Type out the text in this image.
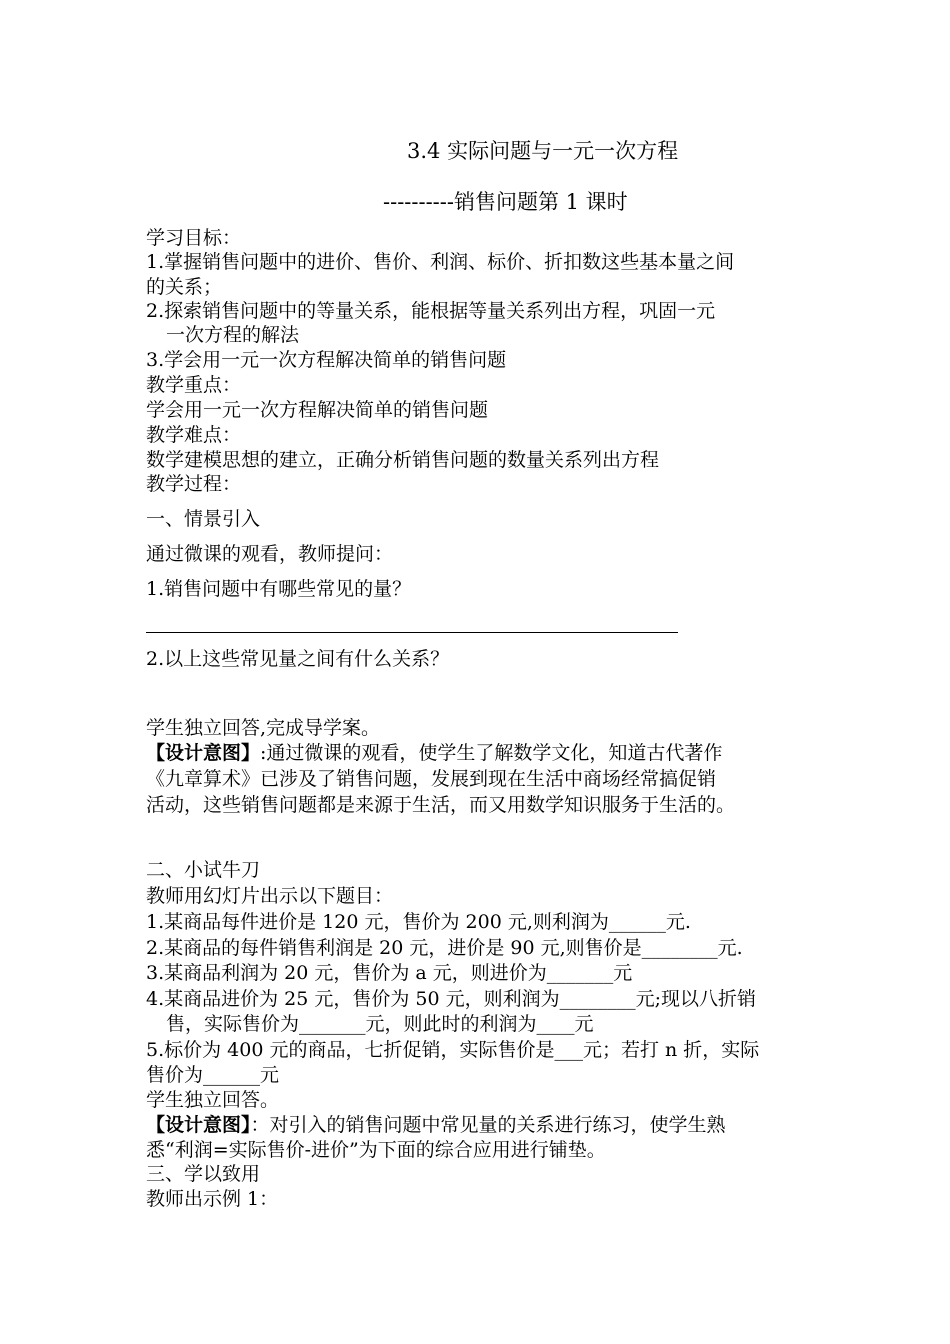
3.4 实际问题与一元一次方程
----------销售问题第 1 课时
学习目标：
1.掌握销售问题中的进价、售价、利润、标价、折扣数这些基本量之间
的关系；
2.探索销售问题中的等量关系，能根据等量关系列出方程，巩固一元
一次方程的解法
3.学会用一元一次方程解决简单的销售问题
教学重点：
学会用一元一次方程解决简单的销售问题
教学难点：
数学建模思想的建立，正确分析销售问题的数量关系列出方程
教学过程：
一、情景引入
通过微课的观看，教师提问：
1.销售问题中有哪些常见的量？
2.以上这些常见量之间有什么关系？
学生独立回答,完成导学案。
【设计意图】:通过微课的观看，使学生了解数学文化，知道古代著作
《九章算术》已涉及了销售问题，发展到现在生活中商场经常搞促销
活动，这些销售问题都是来源于生活，而又用数学知识服务于生活的。
二、小试牛刀
教师用幻灯片出示以下题目：
1.某商品每件进价是 120 元，售价为 200 元,则利润为______元.
2.某商品的每件销售利润是 20 元，进价是 90 元,则售价是________元.
3.某商品利润为 20 元，售价为 a 元，则进价为_______元
4.某商品进价为 25 元，售价为 50 元，则利润为________元;现以八折销
售，实际售价为_______元，则此时的利润为____元
5.标价为 400 元的商品，七折促销，实际售价是___元；若打 n 折，实际
售价为______元
学生独立回答。
【设计意图】：对引入的销售问题中常见量的关系进行练习，使学生熟
悉“利润=实际售价-进价”为下面的综合应用进行铺垫。
三、学以致用
教师出示例 1：
